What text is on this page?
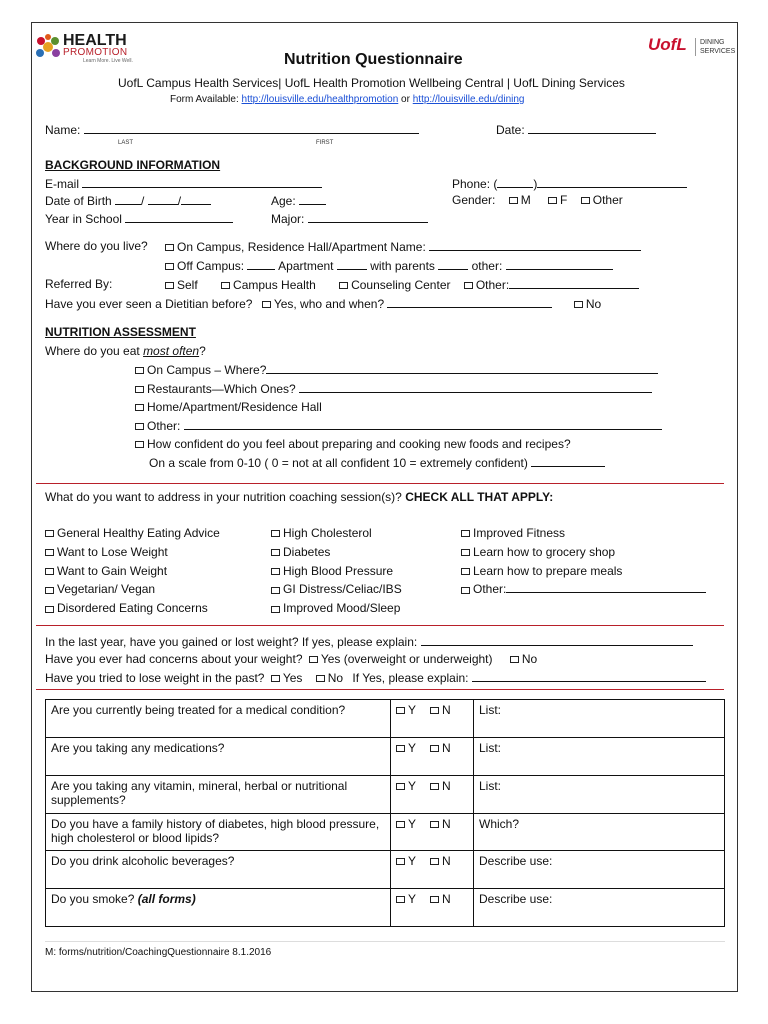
HEALTH
PROMOTION
Learn More. Live Well.	Nutrition Questionnaire
UofL DINING
SERVICES
UofL Campus Health Services| UofL Health Promotion Wellbeing Central | UofL Dining Services
Form Available: http://louisville.edu/healthpromotion or http://louisville.edu/dining
Name:
LAST	FIRST
Date:
BACKGROUND INFORMATION
E-mail	Phone: (	)
Date of Birth /	/	Age:	Gender: M F Other
Year in School	Major:
Where do you live?	On Campus, Residence Hall/Apartment Name:
Off Campus:	Apartment	with parents	other:
Referred By:	Self	Campus Health	Counseling Center Other:
Have you ever seen a Dietitian before? Yes, who and when?	No
NUTRITION ASSESSMENT
Where do you eat most often?
On Campus – Where?
Restaurants—Which Ones?
Home/Apartment/Residence Hall
Other:
How confident do you feel about preparing and cooking new foods and recipes?
On a scale from 0-10 ( 0 = not at all confident 10 = extremely confident)
What do you want to address in your nutrition coaching session(s)? CHECK ALL THAT APPLY:
General Healthy Eating Advice
Want to Lose Weight
Want to Gain Weight
Vegetarian/ Vegan
Disordered Eating Concerns
High Cholesterol
Diabetes
High Blood Pressure
GI Distress/Celiac/IBS
Improved Mood/Sleep
Improved Fitness
Learn how to grocery shop
Learn how to prepare meals
Other:
In the last year, have you gained or lost weight? If yes, please explain:
Have you ever had concerns about your weight? Yes (overweight or underweight) No
Have you tried to lose weight in the past? Yes No If Yes, please explain:
Are you currently being treated for a medical condition?	Y N	List:
Are you taking any medications?	Y N	List:
Are you taking any vitamin, mineral, herbal or nutritional supplements?	Y N	List:
Do you have a family history of diabetes, high blood pressure, high cholesterol or blood lipids?	Y N	Which?
Do you drink alcoholic beverages?	Y N	Describe use:
Do you smoke? (all forms)	Y N	Describe use:
M: forms/nutrition/CoachingQuestionnaire 8.1.2016
